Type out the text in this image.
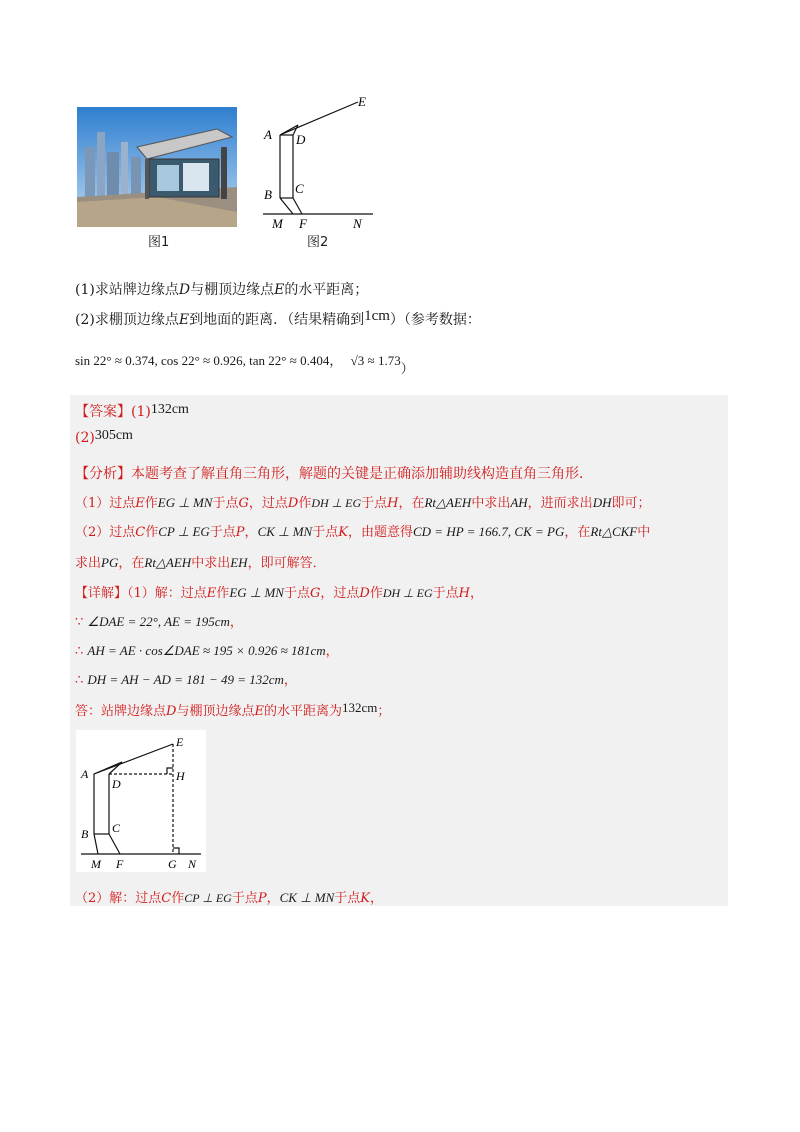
图1
A D
E
B C
M F	N
图2
(1)求站牌边缘点D与棚顶边缘点E的水平距离；
(2)求棚顶边缘点E到地面的距离．（结果精确到1cm）（参考数据：
sin 22° ≈ 0.374, cos 22° ≈ 0.926, tan 22° ≈ 0.404， √3 ≈ 1.73）
【答案】(1)132cm
(2)305cm
【分析】本题考查了解直角三角形，解题的关键是正确添加辅助线构造直角三角形．
（1）过点E作EG ⊥ MN于点G，过点D作DH ⊥ EG于点H，在Rt△AEH中求出AH，进而求出DH即可；
（2）过点C作CP ⊥ EG于点P，CK ⊥ MN于点K，由题意得CD = HP = 166.7, CK = PG，在Rt△CKF中
求出PG，在Rt△AEH中求出EH，即可解答．
【详解】（1）解：过点E作EG ⊥ MN于点G，过点D作DH ⊥ EG于点H，
∵ ∠DAE = 22°, AE = 195cm，
∴ AH = AE · cos∠DAE ≈ 195 × 0.926 ≈ 181cm，
∴ DH = AH − AD = 181 − 49 = 132cm，
答：站牌边缘点D与棚顶边缘点E的水平距离为132cm；
E
A	H
D
B C
M F	G N
（2）解：过点C作CP ⊥ EG于点P，CK ⊥ MN于点K，
